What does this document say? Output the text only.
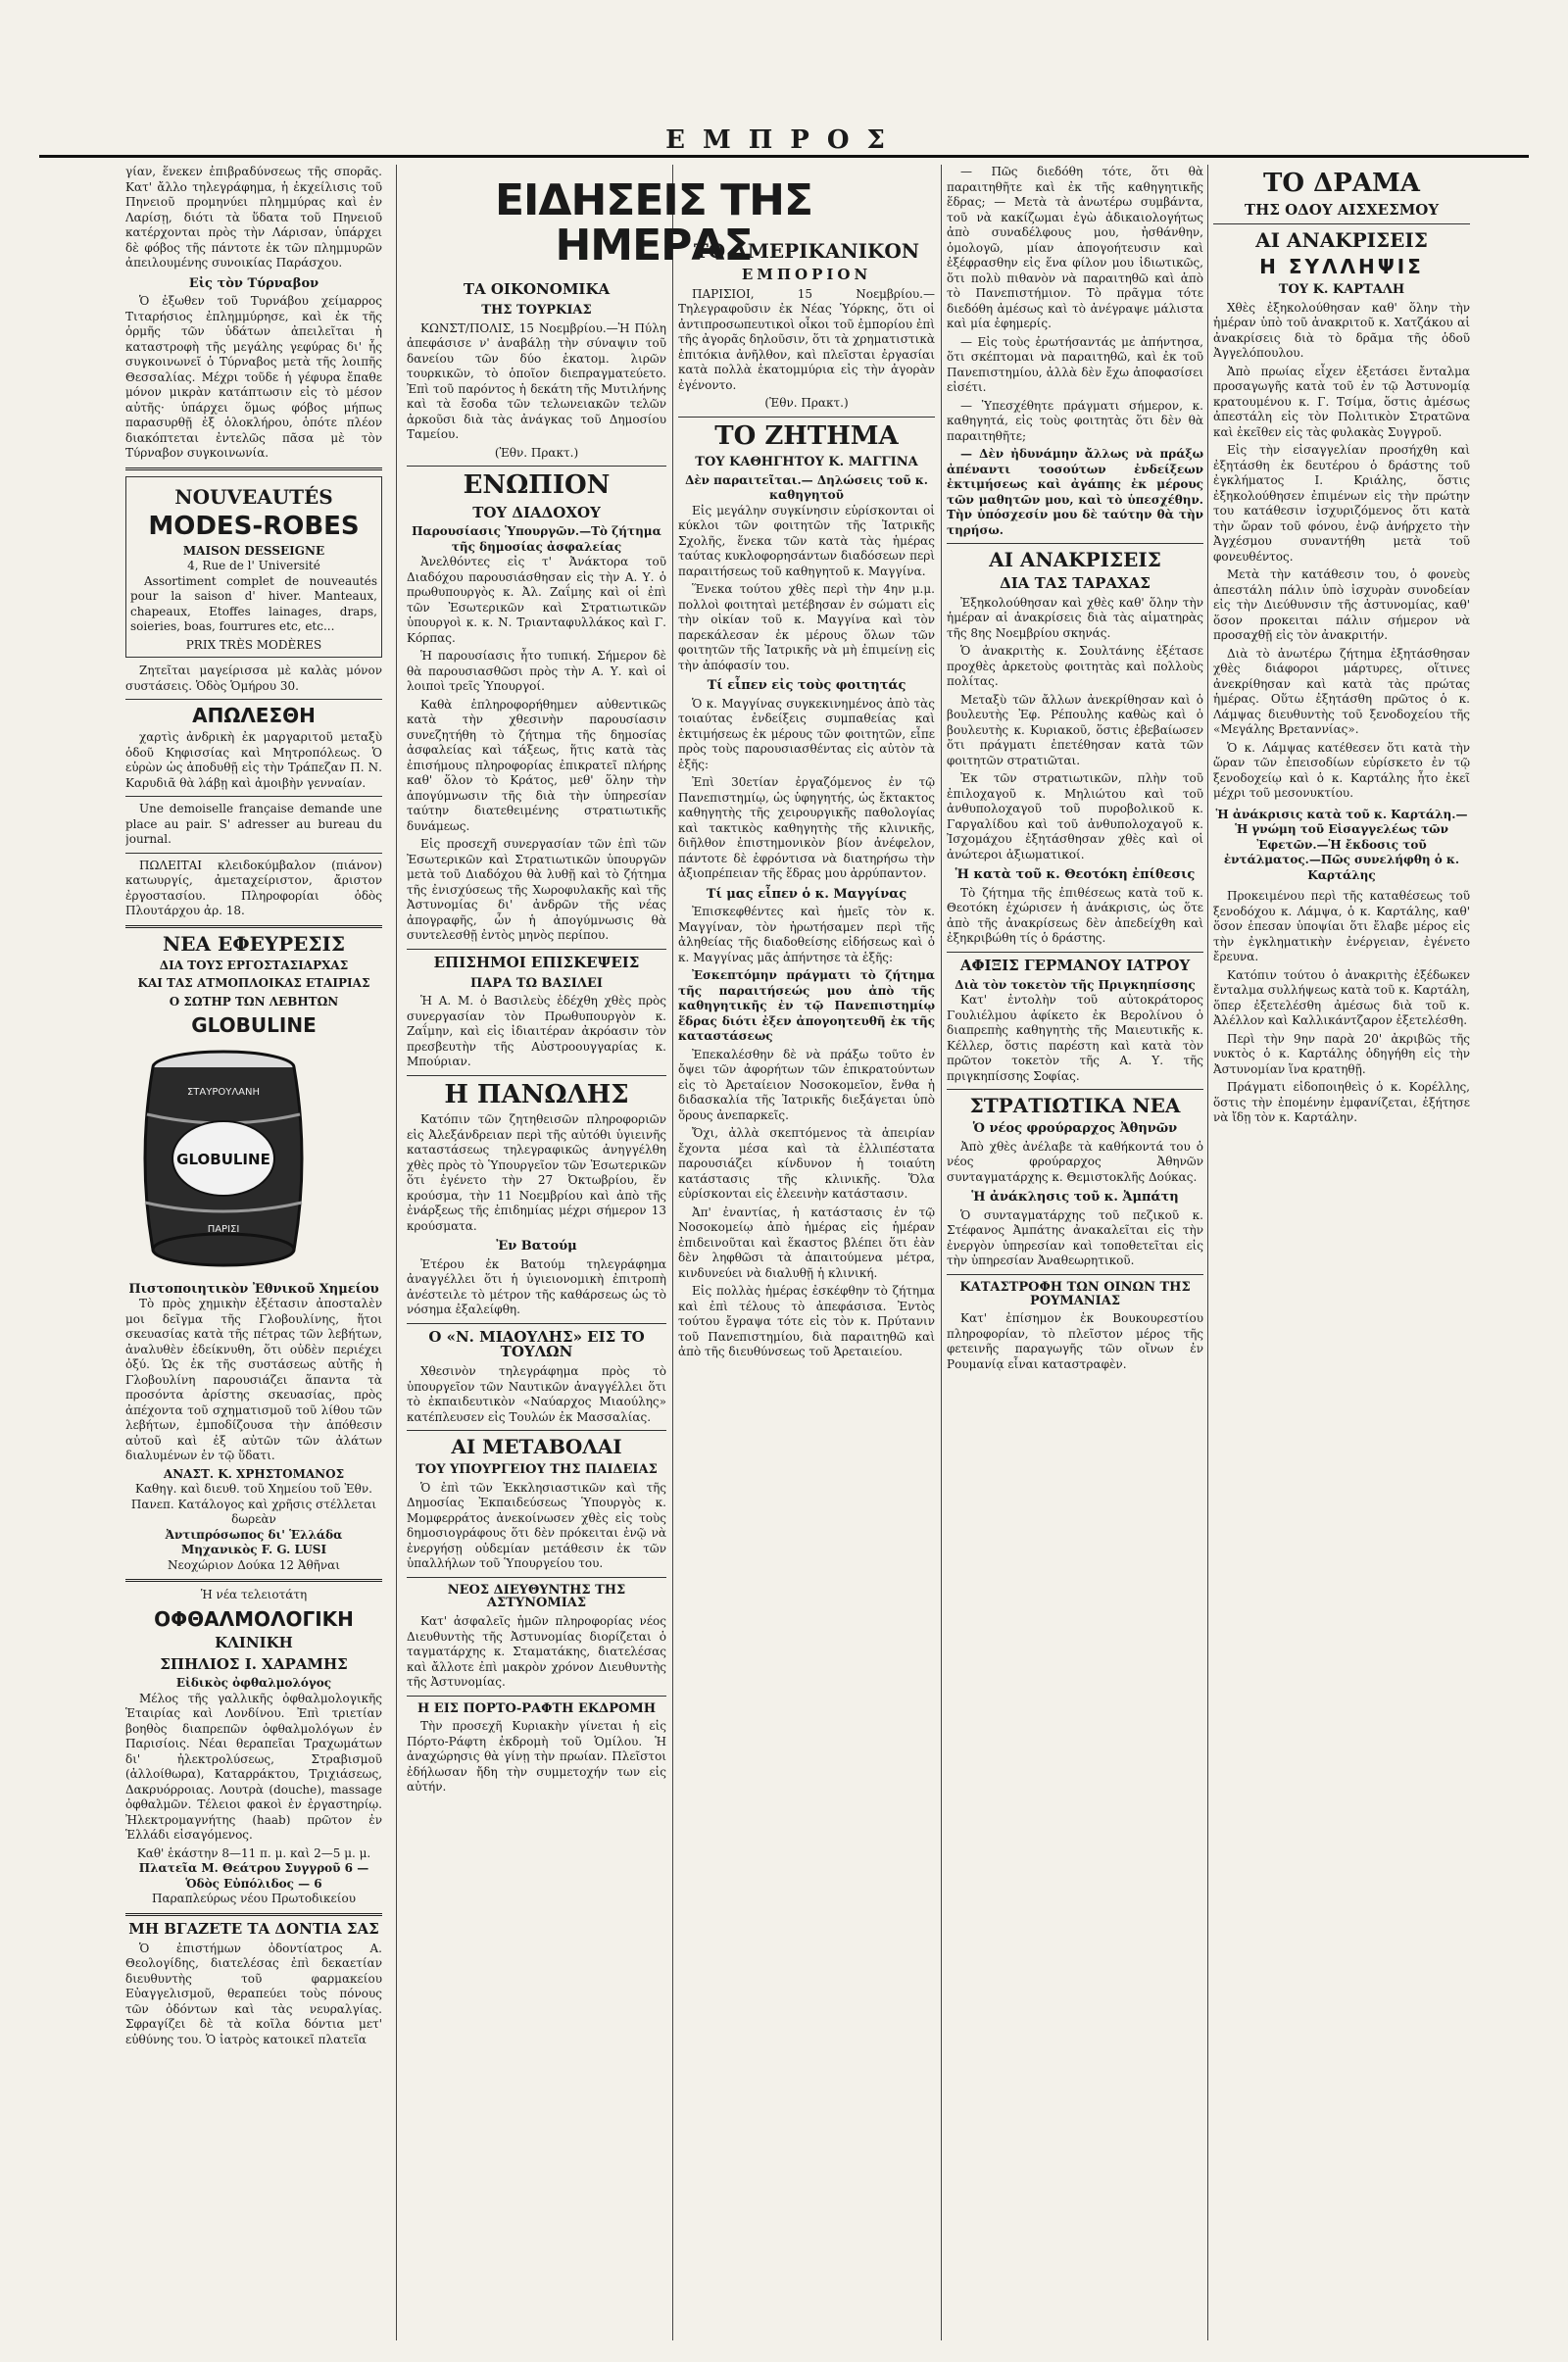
ΕΜΠΡΟΣ

γίαν, ἕνεκεν ἐπιβραδύνσεως τῆς σπορᾶς. Κατ' ἄλλο τηλεγράφημα, ἡ ἐκχείλισις τοῦ Πηνειοῦ προμηνύει πλημμύρας καὶ ἐν Λαρίσῃ, διότι τὰ ὕδατα τοῦ Πηνειοῦ κατέρχονται πρὸς τὴν Λάρισαν, ὑπάρχει δὲ φόβος τῆς πάντοτε ἐκ τῶν πλημμυρῶν ἀπειλουμένης συνοικίας Παράσχου.

Εἰς τὸν Τύρναβον

Ὁ ἐξωθεν τοῦ Τυρνάβου χείμαρρος Τιταρήσιος ἐπλημμύρησε, καὶ ἐκ τῆς ὁρμῆς τῶν ὑδάτων ἀπειλεῖται ἡ καταστροφὴ τῆς μεγάλης γεφύρας δι' ἧς συγκοινωνεῖ ὁ Τύρναβος μετὰ τῆς λοιπῆς Θεσσαλίας. Μέχρι τοῦδε ἡ γέφυρα ἔπαθε μόνον μικρὰν κατάπτωσιν εἰς τὸ μέσον αὐτῆς· ὑπάρχει ὅμως φόβος μήπως παρασυρθῇ ἐξ ὁλοκλήρου, ὁπότε πλέον διακόπτεται ἐντελῶς πᾶσα μὲ τὸν Τύρναβον συγκοινωνία.

NOUVEAUTÉS
MODES-ROBES
MAISON DESSEIGNE
4, Rue de l' Université

Assortiment complet de nouveautés pour la saison d' hiver. Manteaux, chapeaux, Etoffes lainages, draps, soieries, boas, fourrures etc, etc...

PRIX TRÈS MODÈRES

Ζητεῖται μαγείρισσα μὲ καλὰς μόνον συστάσεις. Ὁδὸς Ὁμήρου 30.

ΑΠΩΛΕΣΘΗ

χαρτὶς ἀνδρικὴ ἐκ μαργαριτοῦ μεταξὺ ὁδοῦ Κηφισσίας καὶ Μητροπόλεως. Ὁ εὑρὼν ὡς ἀποδυθῇ εἰς τὴν Τράπεζαν Π. Ν. Καρυδιᾶ θὰ λάβῃ καὶ ἀμοιβὴν γενναίαν.

Une demoiselle française demande une place au pair. S' adresser au bureau du journal.

ΠΩΛΕΙΤΑΙ κλειδοκύμβαλον (πιάνον) κατωυργίς, ἀμεταχείριστον, ἄριστον ἐργοστασίου. Πληροφορίαι ὁδὸς Πλουτάρχου ἀρ. 18.

ΝΕΑ ΕΦΕΥΡΕΣΙΣ
ΔΙΑ ΤΟΥΣ ΕΡΓΟΣΤΑΣΙΑΡΧΑΣ
ΚΑΙ ΤΑΣ ΑΤΜΟΠΛΟΙΚΑΣ ΕΤΑΙΡΙΑΣ
Ο ΣΩΤΗΡ ΤΩΝ ΛΕΒΗΤΩΝ
GLOBULINE
GLOBULINE
ΣΤΑΥΡΟΥΛΑΝΗ
ΠΑΡΙΣΙ
Πιστοποιητικὸν Ἐθνικοῦ Χημείου

Τὸ πρὸς χημικὴν ἐξέτασιν ἀποσταλὲν μοι δεῖγμα τῆς Γλοβουλίνης, ἥτοι σκευασίας κατὰ τῆς πέτρας τῶν λεβήτων, ἀναλυθὲν ἐδείκνυθη, ὅτι οὐδὲν περιέχει ὀξύ. Ὡς ἐκ τῆς συστάσεως αὐτῆς ἡ Γλοβουλίνη παρουσιάζει ἅπαντα τὰ προσόντα ἀρίστης σκευασίας, πρὸς ἀπέχοντα τοῦ σχηματισμοῦ τοῦ λίθου τῶν λεβήτων, ἐμποδίζουσα τὴν ἀπόθεσιν αὐτοῦ καὶ ἐξ αὐτῶν τῶν ἀλάτων διαλυμένων ἐν τῷ ὕδατι.

ΑΝΑΣΤ. Κ. ΧΡΗΣΤΟΜΑΝΟΣ
Καθηγ. καὶ διευθ. τοῦ Χημείου τοῦ Ἐθν. Πανεπ. Κατάλογος καὶ χρῆσις στέλλεται δωρεὰν
Ἀντιπρόσωπος δι' Ἑλλάδα Μηχανικὸς F. G. LUSI
Νεοχώριον Δούκα 12 Ἀθῆναι
Ἡ νέα τελειοτάτη
ΟΦΘΑΛΜΟΛΟΓΙΚΗ
ΚΛΙΝΙΚΗ
ΣΠΗΛΙΟΣ Ι. ΧΑΡΑΜΗΣ
Εἰδικὸς ὀφθαλμολόγος

Μέλος τῆς γαλλικῆς ὀφθαλμολογικῆς Ἑταιρίας καὶ Λονδίνου. Ἐπὶ τριετίαν βοηθὸς διαπρεπῶν ὀφθαλμολόγων ἐν Παρισίοις. Νέαι θεραπεῖαι Τραχωμάτων δι' ἠλεκτρολύσεως, Στραβισμοῦ (ἀλλοίθωρα), Καταρράκτου, Τριχιάσεως, Δακρυόρροιας. Λουτρὰ (douche), massage ὀφθαλμῶν. Τέλειοι φακοὶ ἐν ἐργαστηρίῳ. Ἠλεκτρομαγνήτης (haab) πρῶτον ἐν Ἑλλάδι εἰσαγόμενος.

Καθ' ἑκάστην 8—11 π. μ. καὶ 2—5 μ. μ.
Πλατεῖα Μ. Θεάτρου Συγγροῦ 6 — Ὁδὸς Εὐπόλιδος — 6
Παραπλεύρως νέου Πρωτοδικείου
ΜΗ ΒΓΑΖΕΤΕ ΤΑ ΔΟΝΤΙΑ ΣΑΣ

Ὁ ἐπιστήμων ὀδοντίατρος Α. Θεολογίδης, διατελέσας ἐπὶ δεκαετίαν διευθυντὴς τοῦ φαρμακείου Εὐαγγελισμοῦ, θεραπεύει τοὺς πόνους τῶν ὀδόντων καὶ τὰς νευραλγίας. Σφραγίζει δὲ τὰ κοῖλα δόντια μετ' εὐθύνης του. Ὁ ἰατρὸς κατοικεῖ πλατεῖα

ΕΙΔΗΣΕΙΣ ΤΗΣ ΗΜΕΡΑΣ
ΤΑ ΟΙΚΟΝΟΜΙΚΑ
ΤΗΣ ΤΟΥΡΚΙΑΣ

ΚΩΝΣΤ/ΠΟΛΙΣ, 15 Νοεμβρίου.—Ἡ Πύλη ἀπεφάσισε ν' ἀναβάλῃ τὴν σύναψιν τοῦ δανείου τῶν δύο ἑκατομ. λιρῶν τουρκικῶν, τὸ ὁποῖον διεπραγματεύετο. Ἐπὶ τοῦ παρόντος ἡ δεκάτη τῆς Μυτιλήνης καὶ τὰ ἔσοδα τῶν τελωνειακῶν τελῶν ἀρκοῦσι διὰ τὰς ἀνάγκας τοῦ Δημοσίου Ταμείου.

(Ἐθν. Πρακτ.)
ΕΝΩΠΙΟΝ
ΤΟΥ ΔΙΑΔΟΧΟΥ
Παρουσίασις Ὑπουργῶν.—Τὸ ζήτημα τῆς δημοσίας ἀσφαλείας

Ἀνελθόντες εἰς τ' Ἀνάκτορα τοῦ Διαδόχου παρουσιάσθησαν εἰς τὴν Α. Υ. ὁ πρωθυπουργὸς κ. Ἀλ. Ζαΐμης καὶ οἱ ἐπὶ τῶν Ἐσωτερικῶν καὶ Στρατιωτικῶν ὑπουργοὶ κ. κ. Ν. Τριανταφυλλάκος καὶ Γ. Κόρπας.

Ἡ παρουσίασις ἦτο τυπική. Σήμερον δὲ θὰ παρουσιασθῶσι πρὸς τὴν Α. Υ. καὶ οἱ λοιποὶ τρεῖς Ὑπουργοί.

Καθὰ ἐπληροφορήθημεν αὐθεντικῶς κατὰ τὴν χθεσινὴν παρουσίασιν συνεζητήθη τὸ ζήτημα τῆς δημοσίας ἀσφαλείας καὶ τάξεως, ἥτις κατὰ τὰς ἐπισήμους πληροφορίας ἐπικρατεῖ πλήρης καθ' ὅλον τὸ Κράτος, μεθ' ὅλην τὴν ἀπογύμνωσιν τῆς διὰ τὴν ὑπηρεσίαν ταύτην διατεθειμένης στρατιωτικῆς δυνάμεως.

Εἰς προσεχῆ συνεργασίαν τῶν ἐπὶ τῶν Ἐσωτερικῶν καὶ Στρατιωτικῶν ὑπουργῶν μετὰ τοῦ Διαδόχου θὰ λυθῇ καὶ τὸ ζήτημα τῆς ἐνισχύσεως τῆς Χωροφυλακῆς καὶ τῆς Ἀστυνομίας δι' ἀνδρῶν τῆς νέας ἀπογραφῆς, ὧν ἡ ἀπογύμνωσις θὰ συντελεσθῇ ἐντὸς μηνὸς περίπου.

ΕΠΙΣΗΜΟΙ ΕΠΙΣΚΕΨΕΙΣ
ΠΑΡΑ ΤΩ ΒΑΣΙΛΕΙ

Ἡ Α. Μ. ὁ Βασιλεὺς ἐδέχθη χθὲς πρὸς συνεργασίαν τὸν Πρωθυπουργὸν κ. Ζαΐμην, καὶ εἰς ἰδιαιτέραν ἀκρόασιν τὸν πρεσβευτὴν τῆς Αὐστροουγγαρίας κ. Μπούριαν.

Η ΠΑΝΩΛΗΣ

Κατόπιν τῶν ζητηθεισῶν πληροφοριῶν εἰς Ἀλεξάνδρειαν περὶ τῆς αὐτόθι ὑγιεινῆς καταστάσεως τηλεγραφικῶς ἀνηγγέλθη χθὲς πρὸς τὸ Ὑπουργεῖον τῶν Ἐσωτερικῶν ὅτι ἐγένετο τὴν 27 Ὀκτωβρίου, ἕν κρούσμα, τὴν 11 Νοεμβρίου καὶ ἀπὸ τῆς ἐνάρξεως τῆς ἐπιδημίας μέχρι σήμερον 13 κρούσματα.

Ἐν Βατούμ

Ἐτέρου ἐκ Βατούμ τηλεγράφημα ἀναγγέλλει ὅτι ἡ ὑγιειονομικὴ ἐπιτροπὴ ἀνέστειλε τὸ μέτρον τῆς καθάρσεως ὡς τὸ νόσημα ἐξαλείφθη.

Ο «Ν. ΜΙΑΟΥΛΗΣ» ΕΙΣ ΤΟ ΤΟΥΛΩΝ

Χθεσινὸν τηλεγράφημα πρὸς τὸ ὑπουργεῖον τῶν Ναυτικῶν ἀναγγέλλει ὅτι τὸ ἐκπαιδευτικὸν «Ναύαρχος Μιαούλης» κατέπλευσεν εἰς Τουλών ἐκ Μασσαλίας.

ΑΙ ΜΕΤΑΒΟΛΑΙ
ΤΟΥ ΥΠΟΥΡΓΕΙΟΥ ΤΗΣ ΠΑΙΔΕΙΑΣ

Ὁ ἐπὶ τῶν Ἐκκλησιαστικῶν καὶ τῆς Δημοσίας Ἐκπαιδεύσεως Ὑπουργὸς κ. Μομφερράτος ἀνεκοίνωσεν χθὲς εἰς τοὺς δημοσιογράφους ὅτι δὲν πρόκειται ἐνῷ νὰ ἐνεργήσῃ οὐδεμίαν μετάθεσιν ἐκ τῶν ὑπαλλήλων τοῦ Ὑπουργείου του.

ΝΕΟΣ ΔΙΕΥΘΥΝΤΗΣ ΤΗΣ ΑΣΤΥΝΟΜΙΑΣ

Κατ' ἀσφαλεῖς ἡμῶν πληροφορίας νέος Διευθυντὴς τῆς Ἀστυνομίας διορίζεται ὁ ταγματάρχης κ. Σταματάκης, διατελέσας καὶ ἄλλοτε ἐπὶ μακρὸν χρόνον Διευθυντὴς τῆς Ἀστυνομίας.

Η ΕΙΣ ΠΟΡΤΟ-ΡΑΦΤΗ ΕΚΔΡΟΜΗ

Τὴν προσεχῆ Κυριακὴν γίνεται ἡ εἰς Πόρτο-Ράφτη ἐκδρομὴ τοῦ Ὁμίλου. Ἡ ἀναχώρησις θὰ γίνῃ τὴν πρωίαν. Πλεῖστοι ἐδήλωσαν ἤδη τὴν συμμετοχήν των εἰς αὐτήν.

ΤΟ ΑΜΕΡΙΚΑΝΙΚΟΝ
ΕΜΠΟΡΙΟΝ

ΠΑΡΙΣΙΟΙ, 15 Νοεμβρίου.—Τηλεγραφοῦσιν ἐκ Νέας Ὑόρκης, ὅτι οἱ ἀντιπροσωπευτικοὶ οἶκοι τοῦ ἐμπορίου ἐπὶ τῆς ἀγορᾶς δηλοῦσιν, ὅτι τὰ χρηματιστικὰ ἐπιτόκια ἀνῆλθον, καὶ πλεῖσται ἐργασίαι κατὰ πολλὰ ἑκατομμύρια εἰς τὴν ἀγορὰν ἐγένοντο.

(Ἐθν. Πρακτ.)
ΤΟ ΖΗΤΗΜΑ
ΤΟΥ ΚΑΘΗΓΗΤΟΥ Κ. ΜΑΓΓΙΝΑ
Δὲν παραιτεῖται.— Δηλώσεις τοῦ κ. καθηγητοῦ

Εἰς μεγάλην συγκίνησιν εὑρίσκονται οἱ κύκλοι τῶν φοιτητῶν τῆς Ἰατρικῆς Σχολῆς, ἕνεκα τῶν κατὰ τὰς ἡμέρας ταύτας κυκλοφορησάντων διαδόσεων περὶ παραιτήσεως τοῦ καθηγητοῦ κ. Μαγγίνα.

Ἕνεκα τούτου χθὲς περὶ τὴν 4ην μ.μ. πολλοὶ φοιτηταὶ μετέβησαν ἐν σώματι εἰς τὴν οἰκίαν τοῦ κ. Μαγγίνα καὶ τὸν παρεκάλεσαν ἐκ μέρους ὅλων τῶν φοιτητῶν τῆς Ἰατρικῆς νὰ μὴ ἐπιμείνῃ εἰς τὴν ἀπόφασίν του.

Τί εἶπεν εἰς τοὺς φοιτητάς

Ὁ κ. Μαγγίνας συγκεκινημένος ἀπὸ τὰς τοιαύτας ἐνδείξεις συμπαθείας καὶ ἐκτιμήσεως ἐκ μέρους τῶν φοιτητῶν, εἶπε πρὸς τοὺς παρουσιασθέντας εἰς αὐτὸν τὰ ἑξῆς:

Ἐπὶ 30ετίαν ἐργαζόμενος ἐν τῷ Πανεπιστημίῳ, ὡς ὑφηγητής, ὡς ἔκτακτος καθηγητὴς τῆς χειρουργικῆς παθολογίας καὶ τακτικὸς καθηγητὴς τῆς κλινικῆς, διῆλθον ἐπιστημονικὸν βίον ἀνέφελον, πάντοτε δὲ ἐφρόντισα νὰ διατηρήσω τὴν ἀξιοπρέπειαν τῆς ἕδρας μου ἀρρύπαντον.

Τί μας εἶπεν ὁ κ. Μαγγίνας

Ἐπισκεφθέντες καὶ ἡμεῖς τὸν κ. Μαγγίναν, τὸν ἠρωτήσαμεν περὶ τῆς ἀληθείας τῆς διαδοθείσης εἰδήσεως καὶ ὁ κ. Μαγγίνας μᾶς ἀπήντησε τὰ ἑξῆς:

Ἐσκεπτόμην πράγματι τὸ ζήτημα τῆς παραιτήσεώς μου ἀπὸ τῆς καθηγητικῆς ἐν τῷ Πανεπιστημίῳ ἕδρας διότι ἐξεν ἀπογοητευθῆ ἐκ τῆς καταστάσεως

Ἐπεκαλέσθην δὲ νὰ πράξω τοῦτο ἐν ὄψει τῶν ἀφορήτων τῶν ἐπικρατούντων εἰς τὸ Ἀρεταίειον Νοσοκομεῖον, ἔνθα ἡ διδασκαλία τῆς Ἰατρικῆς διεξάγεται ὑπὸ ὅρους ἀνεπαρκεῖς.

Ὄχι, ἀλλὰ σκεπτόμενος τὰ ἀπειρίαν ἔχοντα μέσα καὶ τὰ ἐλλιπέστατα παρουσιάζει κίνδυνον ἡ τοιαύτη κατάστασις τῆς κλινικῆς. Ὅλα εὑρίσκονται εἰς ἐλεεινὴν κατάστασιν.

Ἀπ' ἐναντίας, ἡ κατάστασις ἐν τῷ Νοσοκομείῳ ἀπὸ ἡμέρας εἰς ἡμέραν ἐπιδεινοῦται καὶ ἕκαστος βλέπει ὅτι ἐὰν δὲν ληφθῶσι τὰ ἀπαιτούμενα μέτρα, κινδυνεύει νὰ διαλυθῇ ἡ κλινική.

Εἰς πολλὰς ἡμέρας ἐσκέφθην τὸ ζήτημα καὶ ἐπὶ τέλους τὸ ἀπεφάσισα. Ἐντὸς τούτου ἔγραψα τότε εἰς τὸν κ. Πρύτανιν τοῦ Πανεπιστημίου, διὰ παραιτηθῶ καὶ ἀπὸ τῆς διευθύνσεως τοῦ Ἀρεταιείου.

— Πῶς διεδόθη τότε, ὅτι θὰ παραιτηθῆτε καὶ ἐκ τῆς καθηγητικῆς ἕδρας; — Μετὰ τὰ ἀνωτέρω συμβάντα, τοῦ νὰ κακίζωμαι ἐγὼ ἀδικαιολογήτως ἀπὸ συναδέλφους μου, ἠσθάνθην, ὁμολογῶ, μίαν ἀπογοήτευσιν καὶ ἐξέφρασθην εἰς ἕνα φίλον μου ἰδιωτικῶς, ὅτι πολὺ πιθανὸν νὰ παραιτηθῶ καὶ ἀπὸ τὸ Πανεπιστήμιον. Τὸ πρᾶγμα τότε διεδόθη ἀμέσως καὶ τὸ ἀνέγραψε μάλιστα καὶ μία ἐφημερίς.

— Εἰς τοὺς ἐρωτήσαντάς με ἀπήντησα, ὅτι σκέπτομαι νὰ παραιτηθῶ, καὶ ἐκ τοῦ Πανεπιστημίου, ἀλλὰ δὲν ἔχω ἀποφασίσει εἰσέτι.

— Ὑπεσχέθητε πράγματι σήμερον, κ. καθηγητά, εἰς τοὺς φοιτητὰς ὅτι δὲν θὰ παραιτηθῆτε;

— Δὲν ἠδυνάμην ἄλλως νὰ πράξω ἀπέναντι τοσούτων ἐνδείξεων ἐκτιμήσεως καὶ ἀγάπης ἐκ μέρους τῶν μαθητῶν μου, καὶ τὸ ὑπεσχέθην. Τὴν ὑπόσχεσίν μου δὲ ταύτην θὰ τὴν τηρήσω.

ΑΙ ΑΝΑΚΡΙΣΕΙΣ
ΔΙΑ ΤΑΣ ΤΑΡΑΧΑΣ

Ἐξηκολούθησαν καὶ χθὲς καθ' ὅλην τὴν ἡμέραν αἱ ἀνακρίσεις διὰ τὰς αἱματηρὰς τῆς 8ης Νοεμβρίου σκηνάς.

Ὁ ἀνακριτὴς κ. Σουλτάνης ἐξέτασε προχθὲς ἀρκετοὺς φοιτητὰς καὶ πολλοὺς πολίτας.

Μεταξὺ τῶν ἄλλων ἀνεκρίθησαν καὶ ὁ βουλευτὴς Ἐφ. Ρέπουλης καθὼς καὶ ὁ βουλευτὴς κ. Κυριακοῦ, ὅστις ἐβεβαίωσεν ὅτι πράγματι ἐπετέθησαν κατὰ τῶν φοιτητῶν στρατιῶται.

Ἐκ τῶν στρατιωτικῶν, πλὴν τοῦ ἐπιλοχαγοῦ κ. Μηλιώτου καὶ τοῦ ἀνθυπολοχαγοῦ τοῦ πυροβολικοῦ κ. Γαργαλίδου καὶ τοῦ ἀνθυπολοχαγοῦ κ. Ἰσχομάχου ἐξητάσθησαν χθὲς καὶ οἱ ἀνώτεροι ἀξιωματικοί.

Ἡ κατὰ τοῦ κ. Θεοτόκη ἐπίθεσις

Τὸ ζήτημα τῆς ἐπιθέσεως κατὰ τοῦ κ. Θεοτόκη ἐχώρισεν ἡ ἀνάκρισις, ὡς ὅτε ἀπὸ τῆς ἀνακρίσεως δὲν ἀπεδείχθη καὶ ἐξηκριβώθη τίς ὁ δράστης.

ΑΦΙΞΙΣ ΓΕΡΜΑΝΟΥ ΙΑΤΡΟΥ
Διὰ τὸν τοκετὸν τῆς Πριγκηπίσσης

Κατ' ἐντολὴν τοῦ αὐτοκράτορος Γουλιέλμου ἀφίκετο ἐκ Βερολίνου ὁ διαπρεπὴς καθηγητὴς τῆς Μαιευτικῆς κ. Κέλλερ, ὅστις παρέστη καὶ κατὰ τὸν πρῶτον τοκετὸν τῆς Α. Υ. τῆς πριγκηπίσσης Σοφίας.

ΣΤΡΑΤΙΩΤΙΚΑ ΝΕΑ
Ὁ νέος φρούραρχος Ἀθηνῶν

Ἀπὸ χθὲς ἀνέλαβε τὰ καθήκοντά του ὁ νέος φρούραρχος Ἀθηνῶν συνταγματάρχης κ. Θεμιστοκλῆς Δούκας.

Ἡ ἀνάκλησις τοῦ κ. Ἀμπάτη

Ὁ συνταγματάρχης τοῦ πεζικοῦ κ. Στέφανος Ἀμπάτης ἀνακαλεῖται εἰς τὴν ἐνεργὸν ὑπηρεσίαν καὶ τοποθετεῖται εἰς τὴν ὑπηρεσίαν Ἀναθεωρητικοῦ.

ΚΑΤΑΣΤΡΟΦΗ ΤΩΝ ΟΙΝΩΝ ΤΗΣ ΡΟΥΜΑΝΙΑΣ

Κατ' ἐπίσημον ἐκ Βουκουρεστίου πληροφορίαν, τὸ πλεῖστον μέρος τῆς φετεινῆς παραγωγῆς τῶν οἴνων ἐν Ρουμανίᾳ εἶναι καταστραφὲν.

ΤΟ ΔΡΑΜΑ
ΤΗΣ ΟΔΟΥ ΑΙΣΧΕΣΜΟΥ
ΑΙ ΑΝΑΚΡΙΣΕΙΣ
Η ΣΥΛΛΗΨΙΣ
ΤΟΥ Κ. ΚΑΡΤΑΛΗ

Χθὲς ἐξηκολούθησαν καθ' ὅλην τὴν ἡμέραν ὑπὸ τοῦ ἀνακριτοῦ κ. Χατζάκου αἱ ἀνακρίσεις διὰ τὸ δρᾶμα τῆς ὁδοῦ Ἀγγελόπουλου.

Ἀπὸ πρωίας εἶχεν ἐξετάσει ἔνταλμα προσαγωγῆς κατὰ τοῦ ἐν τῷ Ἀστυνομίᾳ κρατουμένου κ. Γ. Τσίμα, ὅστις ἀμέσως ἀπεστάλη εἰς τὸν Πολιτικὸν Στρατῶνα καὶ ἐκεῖθεν εἰς τὰς φυλακὰς Συγγροῦ.

Εἰς τὴν εἰσαγγελίαν προσήχθη καὶ ἐξητάσθη ἐκ δευτέρου ὁ δράστης τοῦ ἐγκλήματος Ι. Κριάλης, ὅστις ἐξηκολούθησεν ἐπιμένων εἰς τὴν πρώτην του κατάθεσιν ἰσχυριζόμενος ὅτι κατὰ τὴν ὥραν τοῦ φόνου, ἐνῷ ἀνήρχετο τὴν Ἀγχέσμου συναντήθη μετὰ τοῦ φονευθέντος.

Μετὰ τὴν κατάθεσιν του, ὁ φονεὺς ἀπεστάλη πάλιν ὑπὸ ἰσχυρὰν συνοδείαν εἰς τὴν Διεύθυνσιν τῆς ἀστυνομίας, καθ' ὅσον προκειται πάλιν σήμερον νὰ προσαχθῇ εἰς τὸν ἀνακριτήν.

Διὰ τὸ ἀνωτέρω ζήτημα ἐξητάσθησαν χθὲς διάφοροι μάρτυρες, οἵτινες ἀνεκρίθησαν καὶ κατὰ τὰς πρώτας ἡμέρας. Οὕτω ἐξητάσθη πρῶτος ὁ κ. Λάμψας διευθυντὴς τοῦ ξενοδοχείου τῆς «Μεγάλης Βρεταννίας».

Ὁ κ. Λάμψας κατέθεσεν ὅτι κατὰ τὴν ὥραν τῶν ἐπεισοδίων εὑρίσκετο ἐν τῷ ξενοδοχείῳ καὶ ὁ κ. Καρτάλης ἦτο ἐκεῖ μέχρι τοῦ μεσονυκτίου.

Ἡ ἀνάκρισις κατὰ τοῦ κ. Καρτάλη.—Ἡ γνώμη τοῦ Εἰσαγγελέως τῶν Ἐφετῶν.—Ἡ ἔκδοσις τοῦ ἐντάλματος.—Πῶς συνελήφθη ὁ κ. Καρτάλης

Προκειμένου περὶ τῆς καταθέσεως τοῦ ξενοδόχου κ. Λάμψα, ὁ κ. Καρτάλης, καθ' ὅσον ἐπεσαν ὑποψίαι ὅτι ἔλαβε μέρος εἰς τὴν ἐγκληματικὴν ἐνέργειαν, ἐγένετο ἔρευνα.

Κατόπιν τούτου ὁ ἀνακριτὴς ἐξέδωκεν ἔνταλμα συλλήψεως κατὰ τοῦ κ. Καρτάλη, ὅπερ ἐξετελέσθη ἀμέσως διὰ τοῦ κ. Ἀλέλλον καὶ Καλλικάντζαρον ἐξετελέσθη.

Περὶ τὴν 9ην παρὰ 20' ἀκριβῶς τῆς νυκτὸς ὁ κ. Καρτάλης ὁδηγήθη εἰς τὴν Ἀστυνομίαν ἵνα κρατηθῇ.

Πράγματι εἰδοποιηθεὶς ὁ κ. Κορέλλης, ὅστις τὴν ἐπομένην ἐμφανίζεται, ἐξήτησε νὰ ἴδῃ τὸν κ. Καρτάλην.
